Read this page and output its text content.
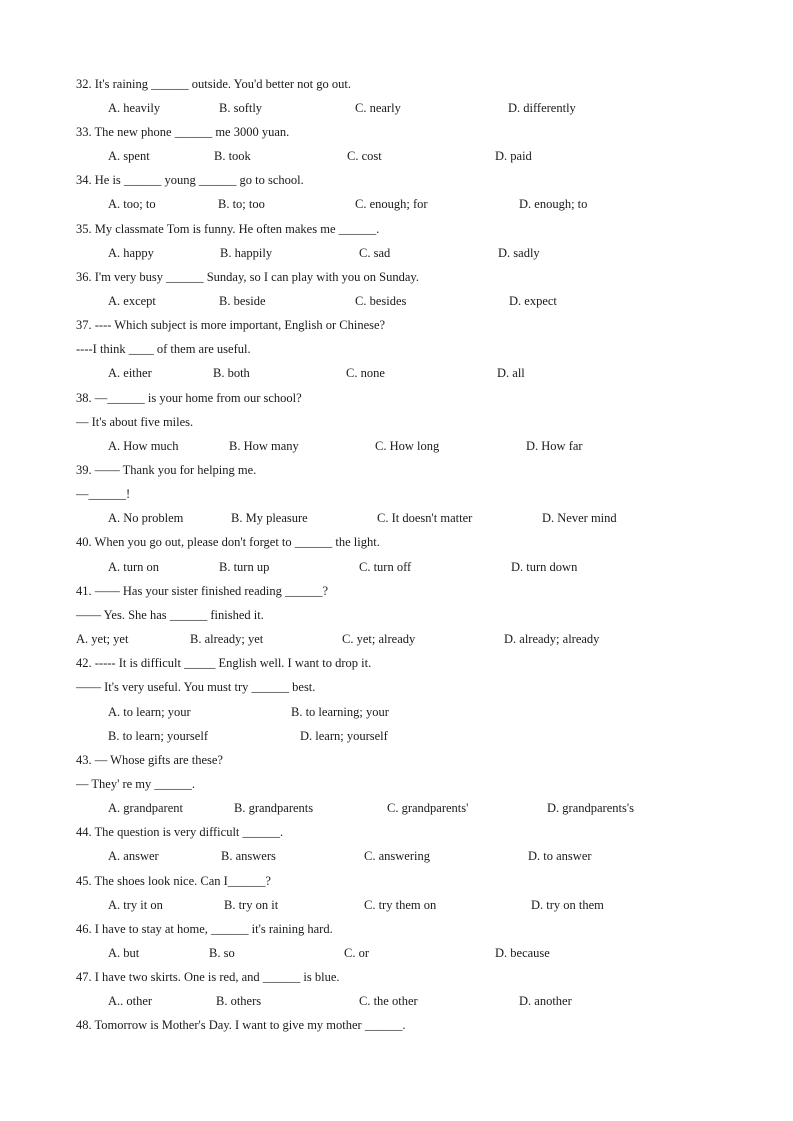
32. It's raining ______ outside. You'd better not go out.
A. heavily	B. softly	C. nearly	D. differently
33. The new phone ______ me 3000 yuan.
A. spent	B. took	C. cost	D. paid
34. He is ______ young ______ go to school.
A. too; to	B. to; too	C. enough; for	D. enough; to
35. My classmate Tom is funny. He often makes me ______.
A. happy	B. happily	C. sad	D. sadly
36. I'm very busy ______ Sunday, so I can play with you on Sunday.
A. except	B. beside	C. besides	D. expect
37. ---- Which subject is more important, English or Chinese?
----I think ____ of them are useful.
A. either	B. both	C. none	D. all
38. —______ is your home from our school?
— It's about five miles.
A. How much	B. How many	C. How long	D. How far
39. —— Thank you for helping me.
—______!
A. No problem	B. My pleasure	C. It doesn't matter	D. Never mind
40. When you go out, please don't forget to ______ the light.
A. turn on	B. turn up	C. turn off	D. turn down
41. —— Has your sister finished reading ______?
—— Yes. She has ______ finished it.
A. yet; yet	B. already; yet	C. yet; already	D. already; already
42. ----- It is difficult _____ English well. I want to drop it.
—— It's very useful. You must try ______ best.
A. to learn; your	B. to learning; your
B. to learn; yourself	D. learn; yourself
43. — Whose gifts are these?
— They' re my ______.
A. grandparent	B. grandparents	C. grandparents'	D. grandparents's
44. The question is very difficult ______.
A. answer	B. answers	C. answering	D. to answer
45. The shoes look nice. Can I______?
A. try it on	B. try on it	C. try them on	D. try on them
46. I have to stay at home, ______ it's raining hard.
A. but	B. so	C. or	D. because
47. I have two skirts. One is red, and ______ is blue.
A.. other	B. others	C. the other	D. another
48. Tomorrow is Mother's Day. I want to give my mother ______.
